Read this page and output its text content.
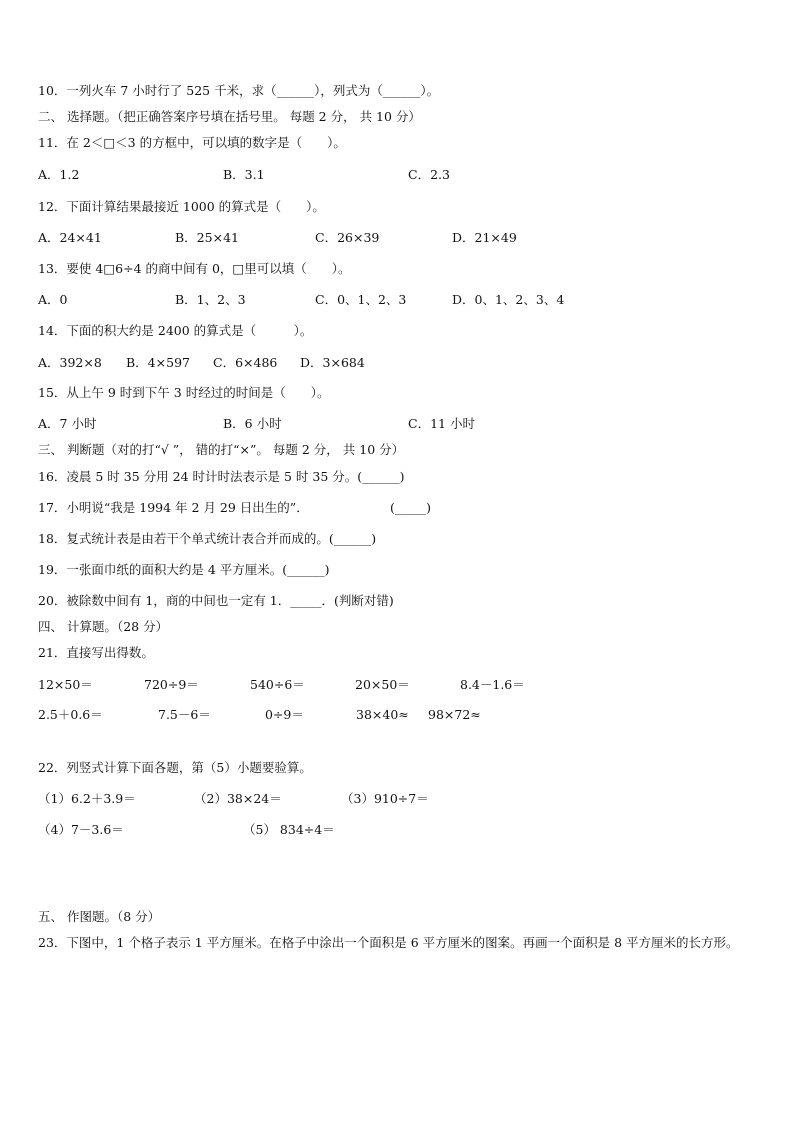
10．一列火车 7 小时行了 525 千米，求（______），列式为（______）。
二、 选择题。（把正确答案序号填在括号里。 每题 2 分， 共 10 分）
11．在 2＜□＜3 的方框中，可以填的数字是（　　）。
A．1.2	B．3.1	C．2.3
12．下面计算结果最接近 1000 的算式是（　　）。
A．24×41	B．25×41	C．26×39	D．21×49
13．要使 4□6÷4 的商中间有 0，□里可以填（　　）。
A．0	B．1、2、3	C．0、1、2、3	D．0、1、2、3、4
14．下面的积大约是 2400 的算式是（　　　）。
A．392×8 B．4×597 C．6×486 D．3×684
15．从上午 9 时到下午 3 时经过的时间是（　　）。
A．7 小时	B．6 小时	C．11 小时
三、 判断题（对的打“√ ”， 错的打“×”。 每题 2 分， 共 10 分）
16．凌晨 5 时 35 分用 24 时计时法表示是 5 时 35 分。(______)
17．小明说“我是 1994 年 2 月 29 日出生的”．	(_____)
18．复式统计表是由若干个单式统计表合并而成的。(______)
19．一张面巾纸的面积大约是 4 平方厘米。(______)
20．被除数中间有 1，商的中间也一定有 1．_____．(判断对错)
四、 计算题。（28 分）
21．直接写出得数。
12×50＝	720÷9＝	540÷6＝	20×50＝	8.4－1.6＝
2.5＋0.6＝	7.5－6＝	0÷9＝	38×40≈ 98×72≈
22．列竖式计算下面各题，第（5）小题要验算。
（1）6.2＋3.9＝	（2）38×24＝	（3）910÷7＝
（4）7－3.6＝	（5） 834÷4＝
五、 作图题。（8 分）
23．下图中，1 个格子表示 1 平方厘米。在格子中涂出一个面积是 6 平方厘米的图案。再画一个面积是 8 平方厘米的长方形。
